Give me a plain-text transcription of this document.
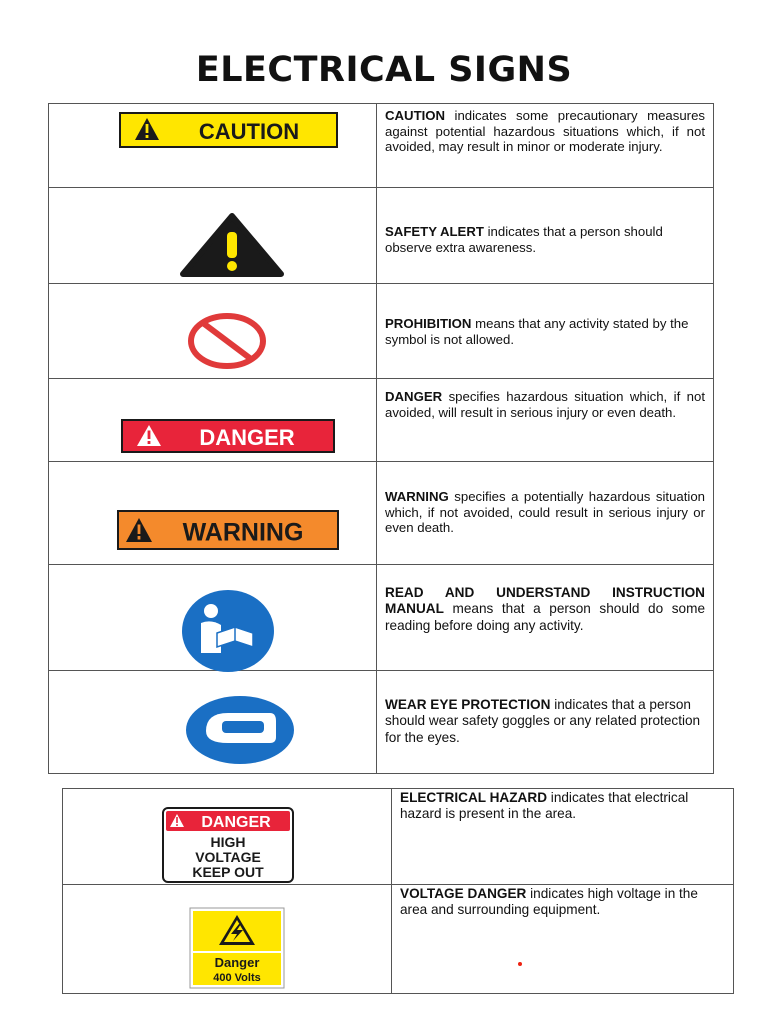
ELECTRICAL SIGNS
CAUTION	CAUTION indicates some precautionary measures against potential hazardous situations which, if not avoided, may result in minor or moderate injury.

SAFETY ALERT indicates that a person should observe extra awareness.

PROHIBITION means that any activity stated by the symbol is not allowed.

DANGER	DANGER specifies hazardous situation which, if not avoided, will result in serious injury or even death.

WARNING	WARNING specifies a potentially hazardous situation which, if not avoided, could result in serious injury or even death.

READ AND UNDERSTAND INSTRUCTION MANUAL means that a person should do some reading before doing any activity.

WEAR EYE PROTECTION indicates that a person should wear safety goggles or any related protection for the eyes.

DANGER
HIGH
VOLTAGE
KEEP OUT	ELECTRICAL HAZARD indicates that electrical hazard is present in the area.

Danger
400 Volts	VOLTAGE DANGER indicates high voltage in the area and surrounding equipment.
